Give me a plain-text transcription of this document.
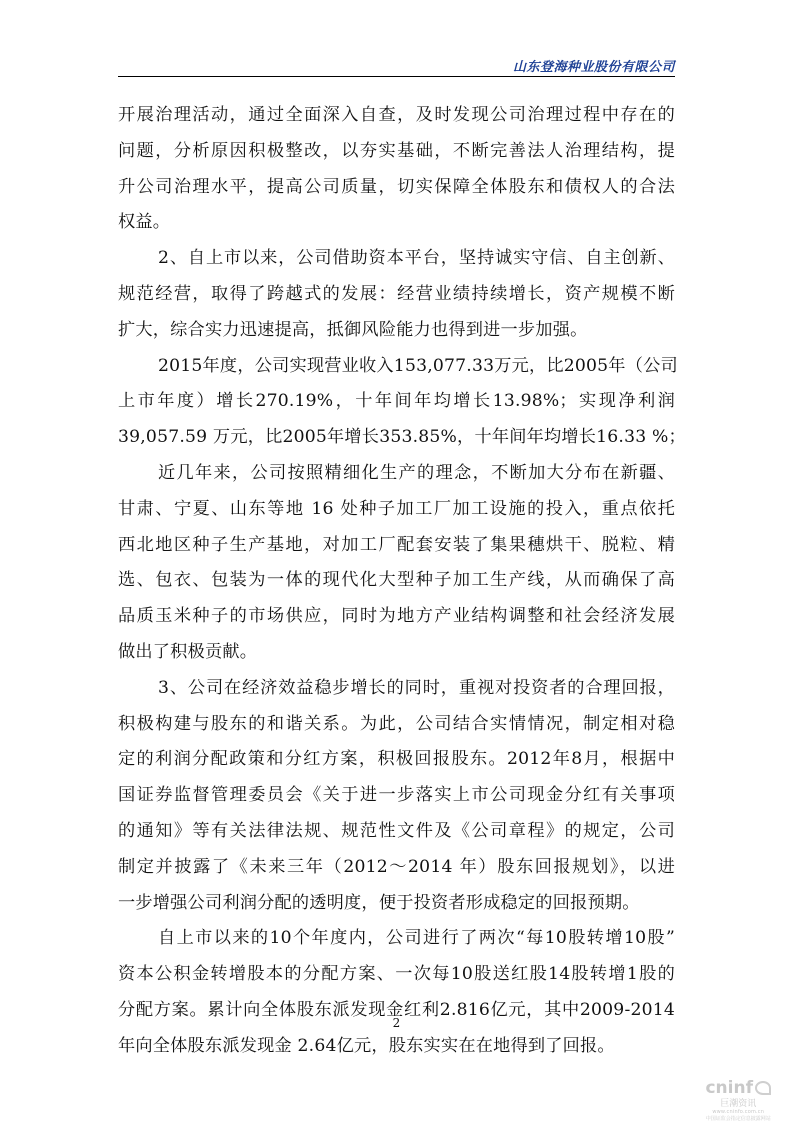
山东登海种业股份有限公司
开展治理活动，通过全面深入自查，及时发现公司治理过程中存在的
问题，分析原因积极整改，以夯实基础，不断完善法人治理结构，提
升公司治理水平，提高公司质量，切实保障全体股东和债权人的合法
权益。
2、自上市以来，公司借助资本平台，坚持诚实守信、自主创新、
规范经营，取得了跨越式的发展：经营业绩持续增长，资产规模不断
扩大，综合实力迅速提高，抵御风险能力也得到进一步加强。
2015年度，公司实现营业收入153,077.33万元，比2005年（公司
上市年度）增长270.19%，十年间年均增长13.98%；实现净利润
39,057.59 万元，比2005年增长353.85%，十年间年均增长16.33 %；
近几年来，公司按照精细化生产的理念，不断加大分布在新疆、
甘肃、宁夏、山东等地 16 处种子加工厂加工设施的投入，重点依托
西北地区种子生产基地，对加工厂配套安装了集果穗烘干、脱粒、精
选、包衣、包装为一体的现代化大型种子加工生产线，从而确保了高
品质玉米种子的市场供应，同时为地方产业结构调整和社会经济发展
做出了积极贡献。
3、公司在经济效益稳步增长的同时，重视对投资者的合理回报，
积极构建与股东的和谐关系。为此，公司结合实情情况，制定相对稳
定的利润分配政策和分红方案，积极回报股东。2012年8月，根据中
国证券监督管理委员会《关于进一步落实上市公司现金分红有关事项
的通知》等有关法律法规、规范性文件及《公司章程》的规定，公司
制定并披露了《未来三年（2012～2014 年）股东回报规划》，以进
一步增强公司利润分配的透明度，便于投资者形成稳定的回报预期。
自上市以来的10个年度内，公司进行了两次“每10股转增10股”
资本公积金转增股本的分配方案、一次每10股送红股14股转增1股的
分配方案。累计向全体股东派发现金红利2.816亿元，其中2009-2014
年向全体股东派发现金 2.64亿元，股东实实在在地得到了回报。
2
cninf
巨潮资讯
www.cninfo.com.cn
中国证监会指定信息披露网站
